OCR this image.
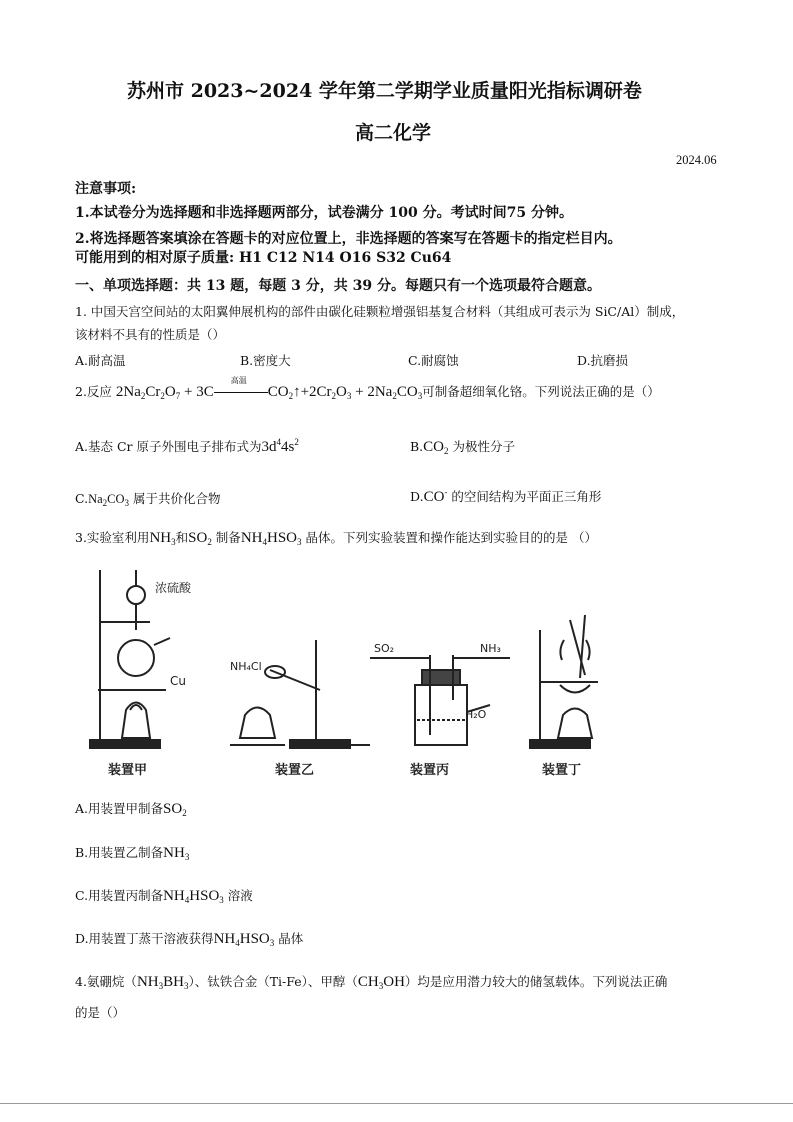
苏州市 2023~2024 学年第二学期学业质量阳光指标调研卷
高二化学
2024.06
注意事项:
1.本试卷分为选择题和非选择题两部分，试卷满分 100 分。考试时间75 分钟。
2.将选择题答案填涂在答题卡的对应位置上，非选择题的答案写在答题卡的指定栏目内。
可能用到的相对原子质量: H1 C12 N14 O16 S32 Cu64
一、单项选择题：共 13 题，每题 3 分，共 39 分。每题只有一个选项最符合题意。
1. 中国天宫空间站的太阳翼伸展机构的部件由碳化硅颗粒增强铝基复合材料（其组成可表示为 SiC/Al）制成，
该材料不具有的性质是（）
A.耐高温	B.密度大	C.耐腐蚀	D.抗磨损
2.反应 $2Na_2Cr_2O_7 + 3C$
高温
$CO_2↑+2Cr_2O_3 + 2Na_2CO_3$可制备超细氧化铬。下列说法正确的是（）
A.基态 Cr 原子外围电子排布式为$3d^44s^2$	$B.CO_2$ 为极性分子
$C.Na_2CO_3$ 属于共价化合物	D.CO- 的空间结构为平面正三角形
3.实验室利用$NH_3$和$SO_2$ 制备$NH_4HSO_3$ 晶体。下列实验装置和操作能达到实验目的的是 （）
浓硫酸
Cu
NH₄Cl
SO₂	NH₃
H₂O
装置甲	装置乙	装置丙	装置丁
A.用装置甲制备$SO_2$
B.用装置乙制备$NH_3$
C.用装置丙制备$NH_4HSO_3$ 溶液
D.用装置丁蒸干溶液获得$NH_4HSO_3$ 晶体
4.氨硼烷$(NH_3BH_3)$、钛铁合金（Ti-Fe）、甲醇$(CH_3OH)$均是应用潜力较大的储氢载体。下列说法正确
的是（）
